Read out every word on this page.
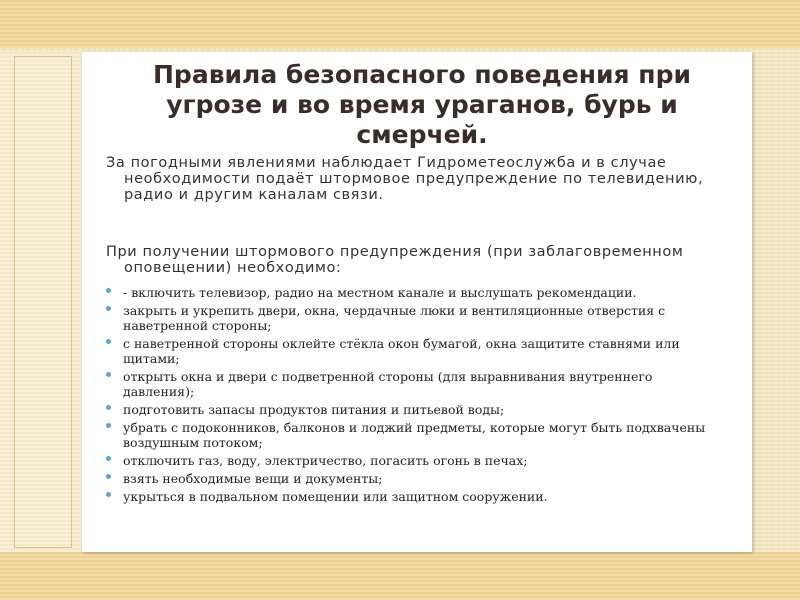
Правила безопасного поведения при угрозе и во время ураганов, бурь и смерчей.

За погодными явлениями наблюдает Гидрометеослужба и в случае необходимости подаёт штормовое предупреждение по телевидению, радио и другим каналам связи.

При получении штормового предупреждения (при заблаговременном оповещении) необходимо:

- включить телевизор, радио на местном канале и выслушать рекомендации.
закрыть и укрепить двери, окна, чердачные люки и вентиляционные отверстия с наветренной стороны;
с наветренной стороны оклейте стёкла окон бумагой, окна защитите ставнями или щитами;
открыть окна и двери с подветренной стороны (для выравнивания внутреннего давления);
подготовить запасы продуктов питания и питьевой воды;
убрать с подоконников, балконов и лоджий предметы, которые могут быть подхвачены воздушным потоком;
отключить газ, воду, электричество, погасить огонь в печах;
взять необходимые вещи и документы;
укрыться в подвальном помещении или защитном сооружении.
